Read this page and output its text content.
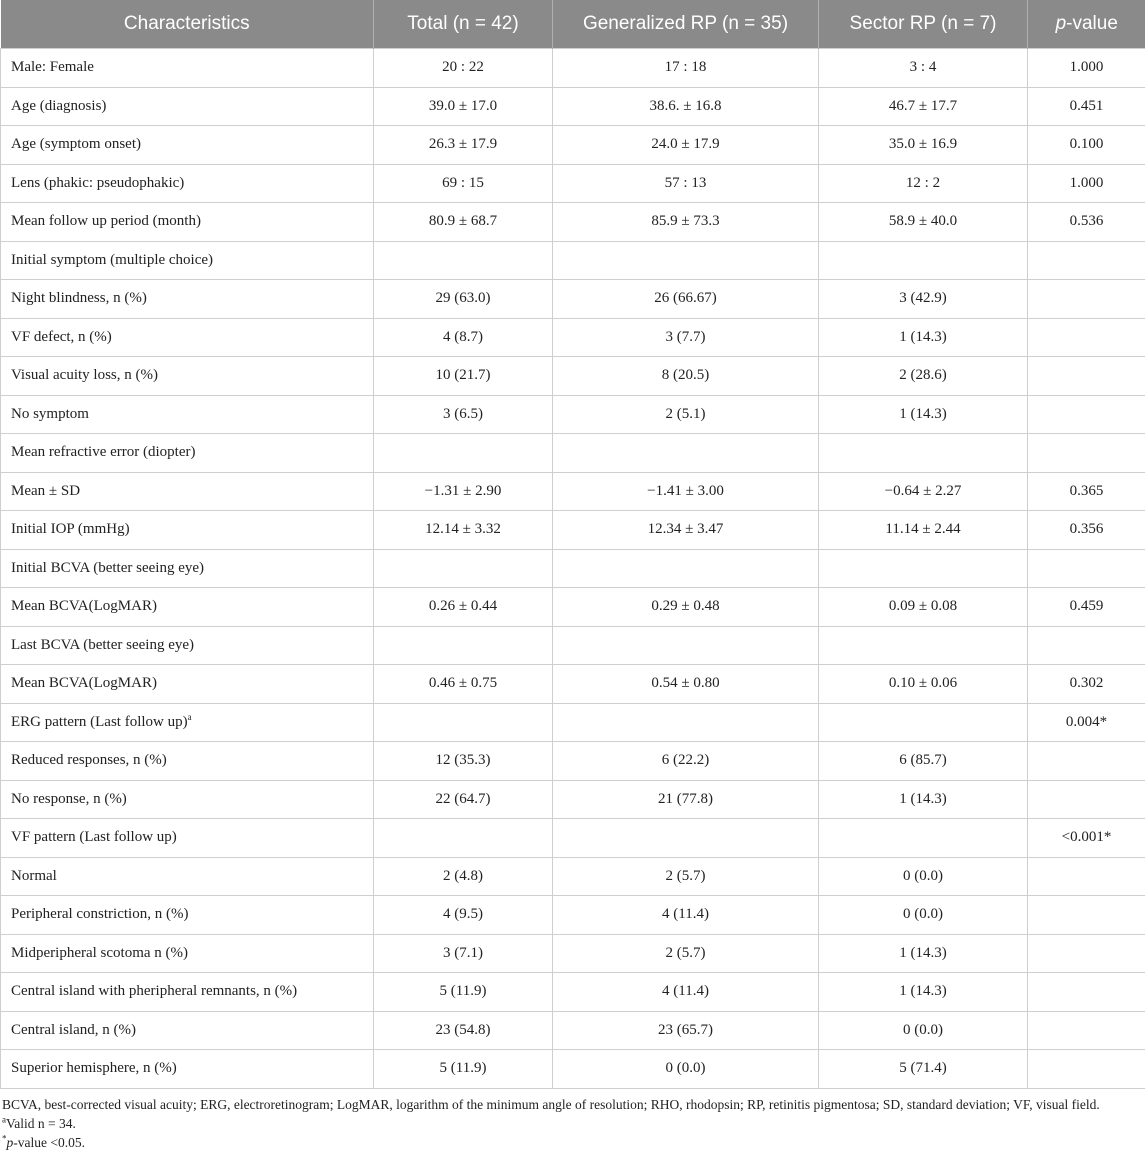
Characteristics	Total (n = 42)	Generalized RP (n = 35)	Sector RP (n = 7)	p-value
Male: Female	20 : 22	17 : 18	3 : 4	1.000
Age (diagnosis)	39.0 ± 17.0	38.6. ± 16.8	46.7 ± 17.7	0.451
Age (symptom onset)	26.3 ± 17.9	24.0 ± 17.9	35.0 ± 16.9	0.100
Lens (phakic: pseudophakic)	69 : 15	57 : 13	12 : 2	1.000
Mean follow up period (month)	80.9 ± 68.7	85.9 ± 73.3	58.9 ± 40.0	0.536
Initial symptom (multiple choice)				
Night blindness, n (%)	29 (63.0)	26 (66.67)	3 (42.9)	
VF defect, n (%)	4 (8.7)	3 (7.7)	1 (14.3)	
Visual acuity loss, n (%)	10 (21.7)	8 (20.5)	2 (28.6)	
No symptom	3 (6.5)	2 (5.1)	1 (14.3)	
Mean refractive error (diopter)				
Mean ± SD	−1.31 ± 2.90	−1.41 ± 3.00	−0.64 ± 2.27	0.365
Initial IOP (mmHg)	12.14 ± 3.32	12.34 ± 3.47	11.14 ± 2.44	0.356
Initial BCVA (better seeing eye)				
Mean BCVA(LogMAR)	0.26 ± 0.44	0.29 ± 0.48	0.09 ± 0.08	0.459
Last BCVA (better seeing eye)				
Mean BCVA(LogMAR)	0.46 ± 0.75	0.54 ± 0.80	0.10 ± 0.06	0.302
ERG pattern (Last follow up)$^a$				0.004*
Reduced responses, n (%)	12 (35.3)	6 (22.2)	6 (85.7)	
No response, n (%)	22 (64.7)	21 (77.8)	1 (14.3)	
VF pattern (Last follow up)				<0.001*
Normal	2 (4.8)	2 (5.7)	0 (0.0)	
Peripheral constriction, n (%)	4 (9.5)	4 (11.4)	0 (0.0)	
Midperipheral scotoma n (%)	3 (7.1)	2 (5.7)	1 (14.3)	
Central island with pheripheral remnants, n (%)	5 (11.9)	4 (11.4)	1 (14.3)	
Central island, n (%)	23 (54.8)	23 (65.7)	0 (0.0)	
Superior hemisphere, n (%)	5 (11.9)	0 (0.0)	5 (71.4)	
BCVA, best-corrected visual acuity; ERG, electroretinogram; LogMAR, logarithm of the minimum angle of resolution; RHO, rhodopsin; RP, retinitis pigmentosa; SD, standard deviation; VF, visual field.
$^a$Valid n = 34.
*p-value <0.05.
